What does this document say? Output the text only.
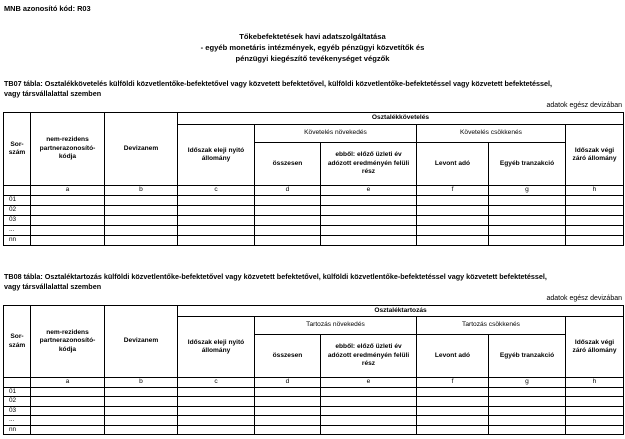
MNB azonosító kód: R03
Tőkebefektetések havi adatszolgáltatása
- egyéb monetáris intézmények, egyéb pénzügyi közvetítők és
pénzügyi kiegészítő tevékenységet végzők
TB07 tábla: Osztalékkövetelés külföldi közvetlentőke-befektetővel vagy közvetett befektetővel, külföldi közvetlentőke-befektetéssel vagy közvetett befektetéssel,
vagy társvállalattal szemben
adatok egész devizában
Sor-szám	nem-rezidens partnerazonosító-kódja	Devizanem	Osztalékkövetelés					
			Időszak eleji nyitó állomány	Követelés növekedés		Követelés csökkenés		Időszak végi záró állomány
				összesen	ebből: előző üzleti év adózott eredményén felüli rész	Levont adó	Egyéb tranzakció	
	a	b	c	d	e	f	g	h
01								
02								
03								
...								
nn								
TB08 tábla: Osztaléktartozás külföldi közvetlentőke-befektetővel vagy közvetett befektetővel, külföldi közvetlentőke-befektetéssel vagy közvetett befektetéssel,
vagy társvállalattal szemben
adatok egész devizában
Sor-szám	nem-rezidens partnerazonosító-kódja	Devizanem	Osztaléktartozás					
			Időszak eleji nyitó állomány	Tartozás növekedés		Tartozás csökkenés		Időszak végi záró állomány
				összesen	ebből: előző üzleti év adózott eredményén felüli rész	Levont adó	Egyéb tranzakció	
	a	b	c	d	e	f	g	h
01								
02								
03								
...								
nn								
